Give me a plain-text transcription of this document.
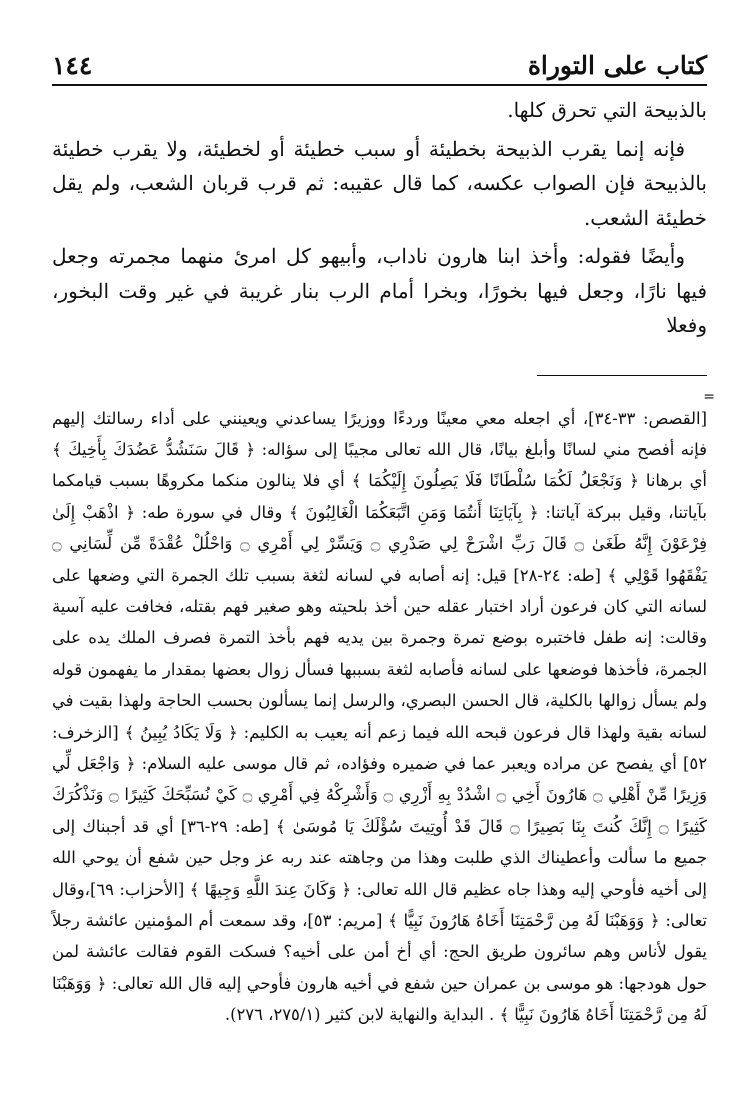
١٤٤	كتاب على التوراة

بالذبيحة التي تحرق كلها.

فإنه إنما يقرب الذبيحة بخطيئة أو سبب خطيئة أو لخطيئة، ولا يقرب خطيئة بالذبيحة فإن الصواب عكسه، كما قال عقيبه: ثم قرب قربان الشعب، ولم يقل خطيئة الشعب.

وأيضًا فقوله: وأخذ ابنا هارون ناداب، وأبيهو كل امرئ منهما مجمرته وجعل فيها نارًا، وجعل فيها بخورًا، وبخرا أمام الرب بنار غريبة في غير وقت البخور، وفعلا

=

[القصص: ٣٣-٣٤]، أي اجعله معي معينًا وردءًا ووزيرًا يساعدني ويعينني على أداء رسالتك إليهم فإنه أفصح مني لسانًا وأبلغ بيانًا، قال الله تعالى مجيبًا إلى سؤاله: ﴿ قَالَ سَنَشُدُّ عَضُدَكَ بِأَخِيكَ ﴾ أي برهانا ﴿ وَنَجْعَلُ لَكُمَا سُلْطَانًا فَلَا يَصِلُونَ إِلَيْكُمَا ﴾ أي فلا ينالون منكما مكروهًا بسبب قيامكما بآياتنا، وقيل ببركة آياتنا: ﴿ بِآيَاتِنَا أَنتُمَا وَمَنِ اتَّبَعَكُمَا الْغَالِبُونَ ﴾ وقال في سورة طه: ﴿ اذْهَبْ إِلَىٰ فِرْعَوْنَ إِنَّهُ طَغَىٰ ۝ قَالَ رَبِّ اشْرَحْ لِي صَدْرِي ۝ وَيَسِّرْ لِي أَمْرِي ۝ وَاحْلُلْ عُقْدَةً مِّن لِّسَانِي ۝ يَفْقَهُوا قَوْلِي ﴾ [طه: ٢٤-٢٨] قيل: إنه أصابه في لسانه لثغة بسبب تلك الجمرة التي وضعها على لسانه التي كان فرعون أراد اختبار عقله حين أخذ بلحيته وهو صغير فهم بقتله، فخافت عليه آسية وقالت: إنه طفل فاختبره بوضع تمرة وجمرة بين يديه فهم بأخذ التمرة فصرف الملك يده على الجمرة، فأخذها فوضعها على لسانه فأصابه لثغة بسببها فسأل زوال بعضها بمقدار ما يفهمون قوله ولم يسأل زوالها بالكلية، قال الحسن البصري، والرسل إنما يسألون بحسب الحاجة ولهذا بقيت في لسانه بقية ولهذا قال فرعون قبحه الله فيما زعم أنه يعيب به الكليم: ﴿ وَلَا يَكَادُ يُبِينُ ﴾ [الزخرف: ٥٢] أي يفصح عن مراده ويعبر عما في ضميره وفؤاده، ثم قال موسى عليه السلام: ﴿ وَاجْعَل لِّي وَزِيرًا مِّنْ أَهْلِي ۝ هَارُونَ أَخِي ۝ اشْدُدْ بِهِ أَزْرِي ۝ وَأَشْرِكْهُ فِي أَمْرِي ۝ كَيْ نُسَبِّحَكَ كَثِيرًا ۝ وَنَذْكُرَكَ كَثِيرًا ۝ إِنَّكَ كُنتَ بِنَا بَصِيرًا ۝ قَالَ قَدْ أُوتِيتَ سُؤْلَكَ يَا مُوسَىٰ ﴾ [طه: ٢٩-٣٦] أي قد أجبناك إلى جميع ما سألت وأعطيناك الذي طلبت وهذا من وجاهته عند ربه عز وجل حين شفع أن يوحي الله إلى أخيه فأوحي إليه وهذا جاه عظيم قال الله تعالى: ﴿ وَكَانَ عِندَ اللَّهِ وَجِيهًا ﴾ [الأحزاب: ٦٩]،وقال تعالى: ﴿ وَوَهَبْنَا لَهُ مِن رَّحْمَتِنَا أَخَاهُ هَارُونَ نَبِيًّا ﴾ [مريم: ٥٣]، وقد سمعت أم المؤمنين عائشة رجلاً يقول لأناس وهم سائرون طريق الحج: أي أخ أمن على أخيه؟ فسكت القوم فقالت عائشة لمن حول هودجها: هو موسى بن عمران حين شفع في أخيه هارون فأوحي إليه قال الله تعالى: ﴿ وَوَهَبْنَا لَهُ مِن رَّحْمَتِنَا أَخَاهُ هَارُونَ نَبِيًّا ﴾ . البداية والنهاية لابن كثير (٢٧٥/١، ٢٧٦).
